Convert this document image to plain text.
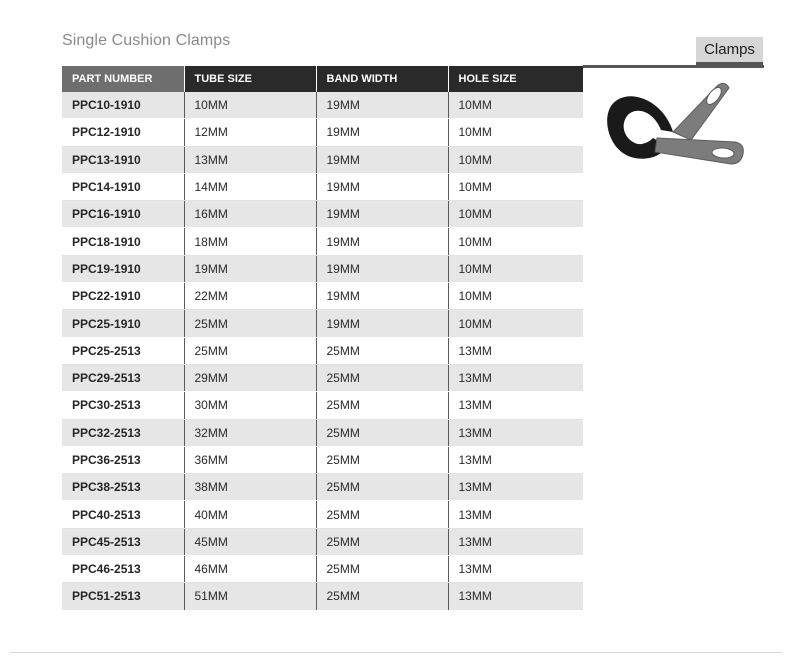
Single Cushion Clamps
Clamps
PART NUMBER	TUBE SIZE	BAND WIDTH	HOLE SIZE
PPC10-1910	10MM	19MM	10MM
PPC12-1910	12MM	19MM	10MM
PPC13-1910	13MM	19MM	10MM
PPC14-1910	14MM	19MM	10MM
PPC16-1910	16MM	19MM	10MM
PPC18-1910	18MM	19MM	10MM
PPC19-1910	19MM	19MM	10MM
PPC22-1910	22MM	19MM	10MM
PPC25-1910	25MM	19MM	10MM
PPC25-2513	25MM	25MM	13MM
PPC29-2513	29MM	25MM	13MM
PPC30-2513	30MM	25MM	13MM
PPC32-2513	32MM	25MM	13MM
PPC36-2513	36MM	25MM	13MM
PPC38-2513	38MM	25MM	13MM
PPC40-2513	40MM	25MM	13MM
PPC45-2513	45MM	25MM	13MM
PPC46-2513	46MM	25MM	13MM
PPC51-2513	51MM	25MM	13MM
